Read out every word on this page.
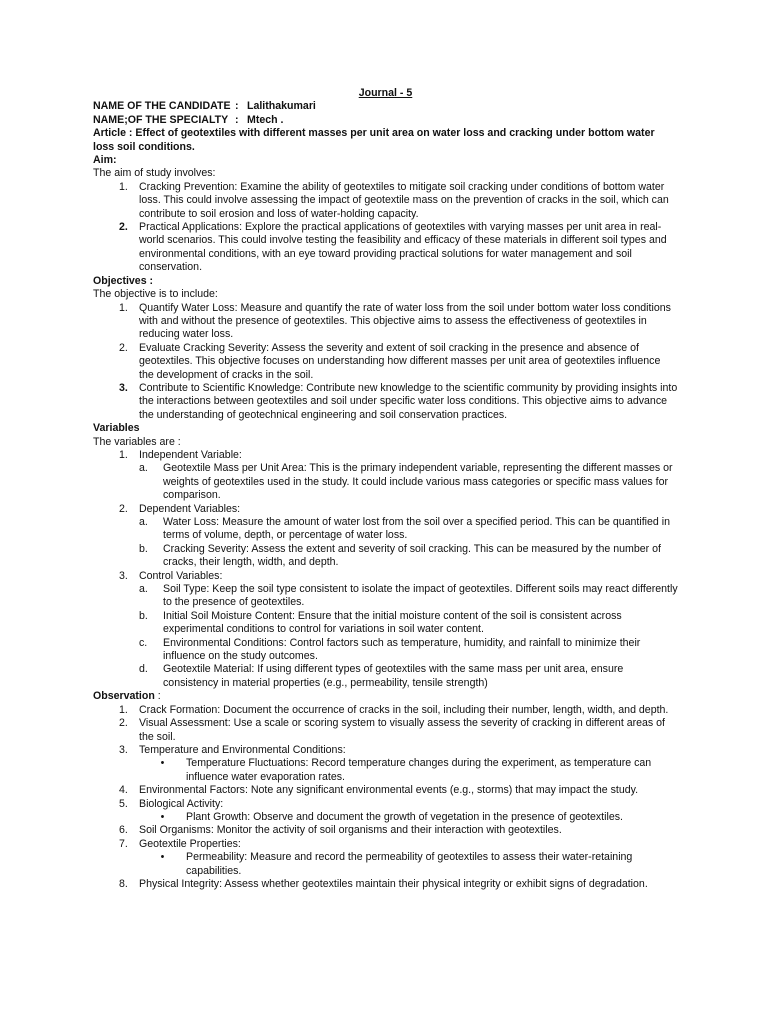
Journal - 5

NAME OF THE CANDIDATE : Lalithakumari
NAME;OF THE SPECIALTY : Mtech .

Article : Effect of geotextiles with different masses per unit area on water loss and cracking under bottom water loss soil conditions.

Aim:

The aim of study involves:

1.	Cracking Prevention: Examine the ability of geotextiles to mitigate soil cracking under conditions of bottom water loss. This could involve assessing the impact of geotextile mass on the prevention of cracks in the soil, which can contribute to soil erosion and loss of water-holding capacity.
2.	Practical Applications: Explore the practical applications of geotextiles with varying masses per unit area in real-world scenarios. This could involve testing the feasibility and efficacy of these materials in different soil types and environmental conditions, with an eye toward providing practical solutions for water management and soil conservation.

Objectives :

The objective is to include:

1.	Quantify Water Loss: Measure and quantify the rate of water loss from the soil under bottom water loss conditions with and without the presence of geotextiles. This objective aims to assess the effectiveness of geotextiles in reducing water loss.
2.	Evaluate Cracking Severity: Assess the severity and extent of soil cracking in the presence and absence of geotextiles. This objective focuses on understanding how different masses per unit area of geotextiles influence the development of cracks in the soil.
3.	Contribute to Scientific Knowledge: Contribute new knowledge to the scientific community by providing insights into the interactions between geotextiles and soil under specific water loss conditions. This objective aims to advance the understanding of geotechnical engineering and soil conservation practices.

Variables

The variables are :

1.	Independent Variable:
a.	Geotextile Mass per Unit Area: This is the primary independent variable, representing the different masses or weights of geotextiles used in the study. It could include various mass categories or specific mass values for comparison.
2.	Dependent Variables:
a.	Water Loss: Measure the amount of water lost from the soil over a specified period. This can be quantified in terms of volume, depth, or percentage of water loss.
b.	Cracking Severity: Assess the extent and severity of soil cracking. This can be measured by the number of cracks, their length, width, and depth.
3.	Control Variables:
a.	Soil Type: Keep the soil type consistent to isolate the impact of geotextiles. Different soils may react differently to the presence of geotextiles.
b.	Initial Soil Moisture Content: Ensure that the initial moisture content of the soil is consistent across experimental conditions to control for variations in soil water content.
c.	Environmental Conditions: Control factors such as temperature, humidity, and rainfall to minimize their influence on the study outcomes.
d.	Geotextile Material: If using different types of geotextiles with the same mass per unit area, ensure consistency in material properties (e.g., permeability, tensile strength)

Observation :

1.	Crack Formation: Document the occurrence of cracks in the soil, including their number, length, width, and depth.
2.	Visual Assessment: Use a scale or scoring system to visually assess the severity of cracking in different areas of the soil.
3.	Temperature and Environmental Conditions:
•	Temperature Fluctuations: Record temperature changes during the experiment, as temperature can influence water evaporation rates.
4.	Environmental Factors: Note any significant environmental events (e.g., storms) that may impact the study.
5.	Biological Activity:
•	Plant Growth: Observe and document the growth of vegetation in the presence of geotextiles.
6.	Soil Organisms: Monitor the activity of soil organisms and their interaction with geotextiles.
7.	Geotextile Properties:
•	Permeability: Measure and record the permeability of geotextiles to assess their water-retaining capabilities.
8.	Physical Integrity: Assess whether geotextiles maintain their physical integrity or exhibit signs of degradation.
